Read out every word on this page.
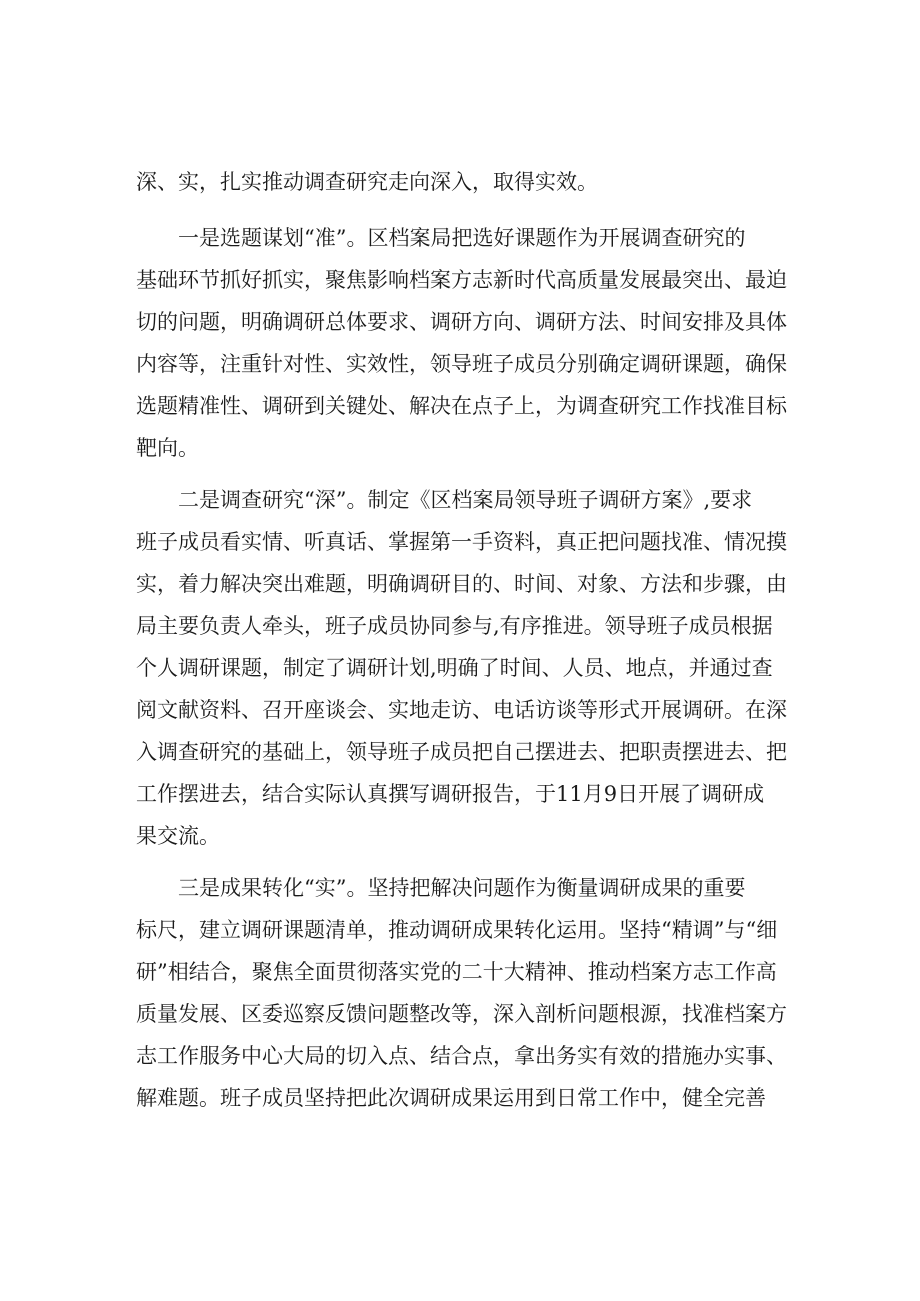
深、实，扎实推动调查研究走向深入，取得实效。
一是选题谋划“准”。区档案局把选好课题作为开展调查研究的
基础环节抓好抓实，聚焦影响档案方志新时代高质量发展最突出、最迫
切的问题，明确调研总体要求、调研方向、调研方法、时间安排及具体
内容等，注重针对性、实效性，领导班子成员分别确定调研课题，确保
选题精准性、调研到关键处、解决在点子上，为调查研究工作找准目标
靶向。
二是调查研究“深”。制定《区档案局领导班子调研方案》,要求
班子成员看实情、听真话、掌握第一手资料，真正把问题找准、情况摸
实，着力解决突出难题，明确调研目的、时间、对象、方法和步骤，由
局主要负责人牵头，班子成员协同参与,有序推进。领导班子成员根据
个人调研课题，制定了调研计划,明确了时间、人员、地点，并通过查
阅文献资料、召开座谈会、实地走访、电话访谈等形式开展调研。在深
入调查研究的基础上，领导班子成员把自己摆进去、把职责摆进去、把
工作摆进去，结合实际认真撰写调研报告，于11月9日开展了调研成
果交流。
三是成果转化“实”。坚持把解决问题作为衡量调研成果的重要
标尺，建立调研课题清单，推动调研成果转化运用。坚持“精调”与“细
研”相结合，聚焦全面贯彻落实党的二十大精神、推动档案方志工作高
质量发展、区委巡察反馈问题整改等，深入剖析问题根源，找准档案方
志工作服务中心大局的切入点、结合点，拿出务实有效的措施办实事、
解难题。班子成员坚持把此次调研成果运用到日常工作中，健全完善
